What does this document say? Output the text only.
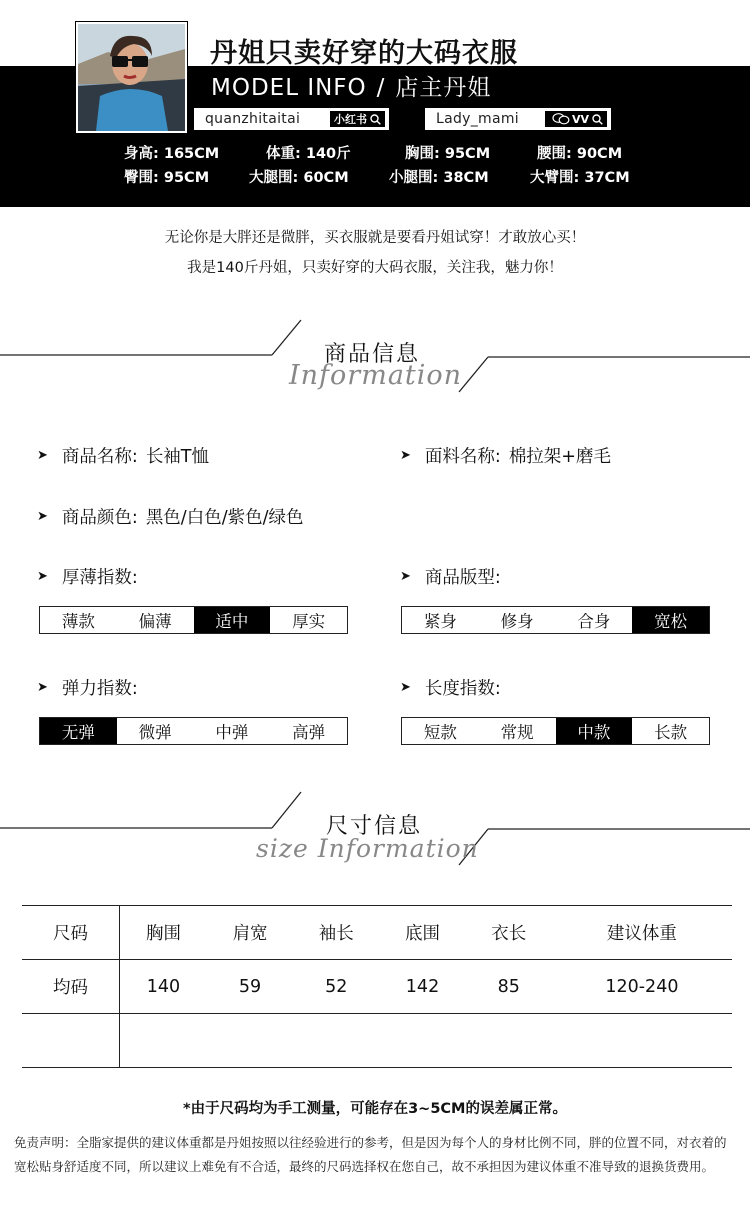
丹姐只卖好穿的大码衣服
MODEL INFO / 店主丹姐
quanzhitaitai	小红书	Lady_mami	VV
身高: 165CM	体重: 140斤	胸围: 95CM	腰围: 90CM
臀围: 95CM	大腿围: 60CM	小腿围: 38CM	大臂围: 37CM
无论你是大胖还是微胖，买衣服就是要看丹姐试穿！才敢放心买！
我是140斤丹姐，只卖好穿的大码衣服，关注我，魅力你！
商品信息
Information
➤ 商品名称: 长袖T恤	➤ 面料名称: 棉拉架+磨毛
➤ 商品颜色: 黑色/白色/紫色/绿色
➤ 厚薄指数:
薄款	偏薄	适中	厚实
➤ 商品版型:
紧身	修身	合身	宽松
➤ 弹力指数:
无弹	微弹	中弹	高弹
➤ 长度指数:
短款	常规	中款	长款
尺寸信息
size Information
尺码	胸围	肩宽	袖长	底围	衣长	建议体重
均码	140	59	52	142	85	120-240

*由于尺码均为手工测量，可能存在3~5CM的误差属正常。
免责声明：全脂家提供的建议体重都是丹姐按照以往经验进行的参考，但是因为每个人的身材比例不同，胖的位置不同，对衣着的宽松贴身舒适度不同，所以建议上难免有不合适，最终的尺码选择权在您自己，故不承担因为建议体重不准导致的退换货费用。
